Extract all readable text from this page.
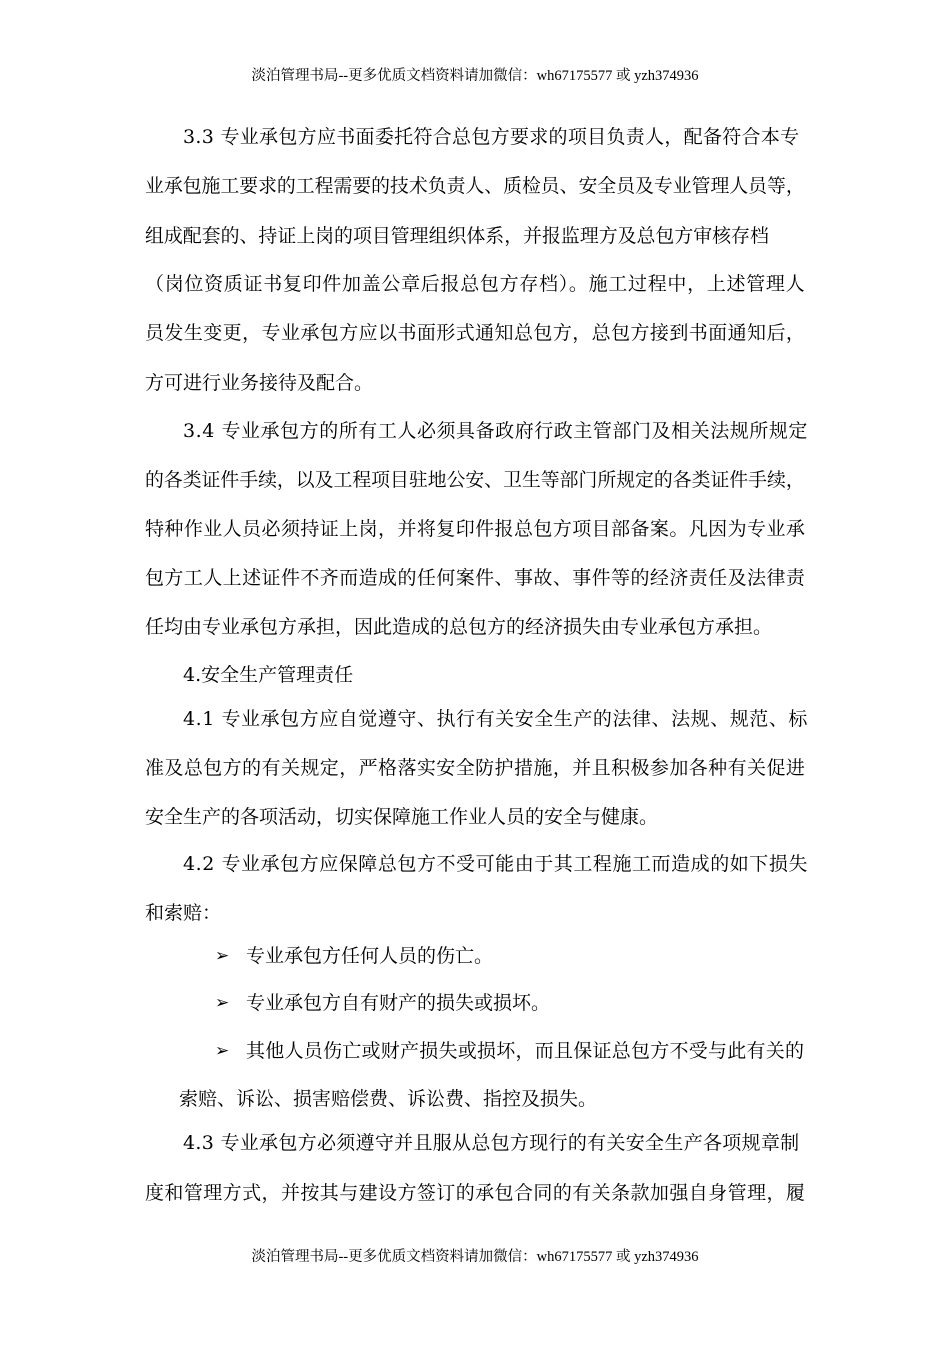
淡泊管理书局--更多优质文档资料请加微信：wh67175577 或 yzh374936
3.3 专业承包方应书面委托符合总包方要求的项目负责人，配备符合本专
业承包施工要求的工程需要的技术负责人、质检员、安全员及专业管理人员等，
组成配套的、持证上岗的项目管理组织体系，并报监理方及总包方审核存档
（岗位资质证书复印件加盖公章后报总包方存档）。施工过程中，上述管理人
员发生变更，专业承包方应以书面形式通知总包方，总包方接到书面通知后，
方可进行业务接待及配合。
3.4 专业承包方的所有工人必须具备政府行政主管部门及相关法规所规定
的各类证件手续，以及工程项目驻地公安、卫生等部门所规定的各类证件手续，
特种作业人员必须持证上岗，并将复印件报总包方项目部备案。凡因为专业承
包方工人上述证件不齐而造成的任何案件、事故、事件等的经济责任及法律责
任均由专业承包方承担，因此造成的总包方的经济损失由专业承包方承担。
4.安全生产管理责任
4.1 专业承包方应自觉遵守、执行有关安全生产的法律、法规、规范、标
准及总包方的有关规定，严格落实安全防护措施，并且积极参加各种有关促进
安全生产的各项活动，切实保障施工作业人员的安全与健康。
4.2 专业承包方应保障总包方不受可能由于其工程施工而造成的如下损失
和索赔：
➢ 专业承包方任何人员的伤亡。
➢ 专业承包方自有财产的损失或损坏。
➢ 其他人员伤亡或财产损失或损坏，而且保证总包方不受与此有关的
索赔、诉讼、损害赔偿费、诉讼费、指控及损失。
4.3 专业承包方必须遵守并且服从总包方现行的有关安全生产各项规章制
度和管理方式，并按其与建设方签订的承包合同的有关条款加强自身管理，履
淡泊管理书局--更多优质文档资料请加微信：wh67175577 或 yzh374936
